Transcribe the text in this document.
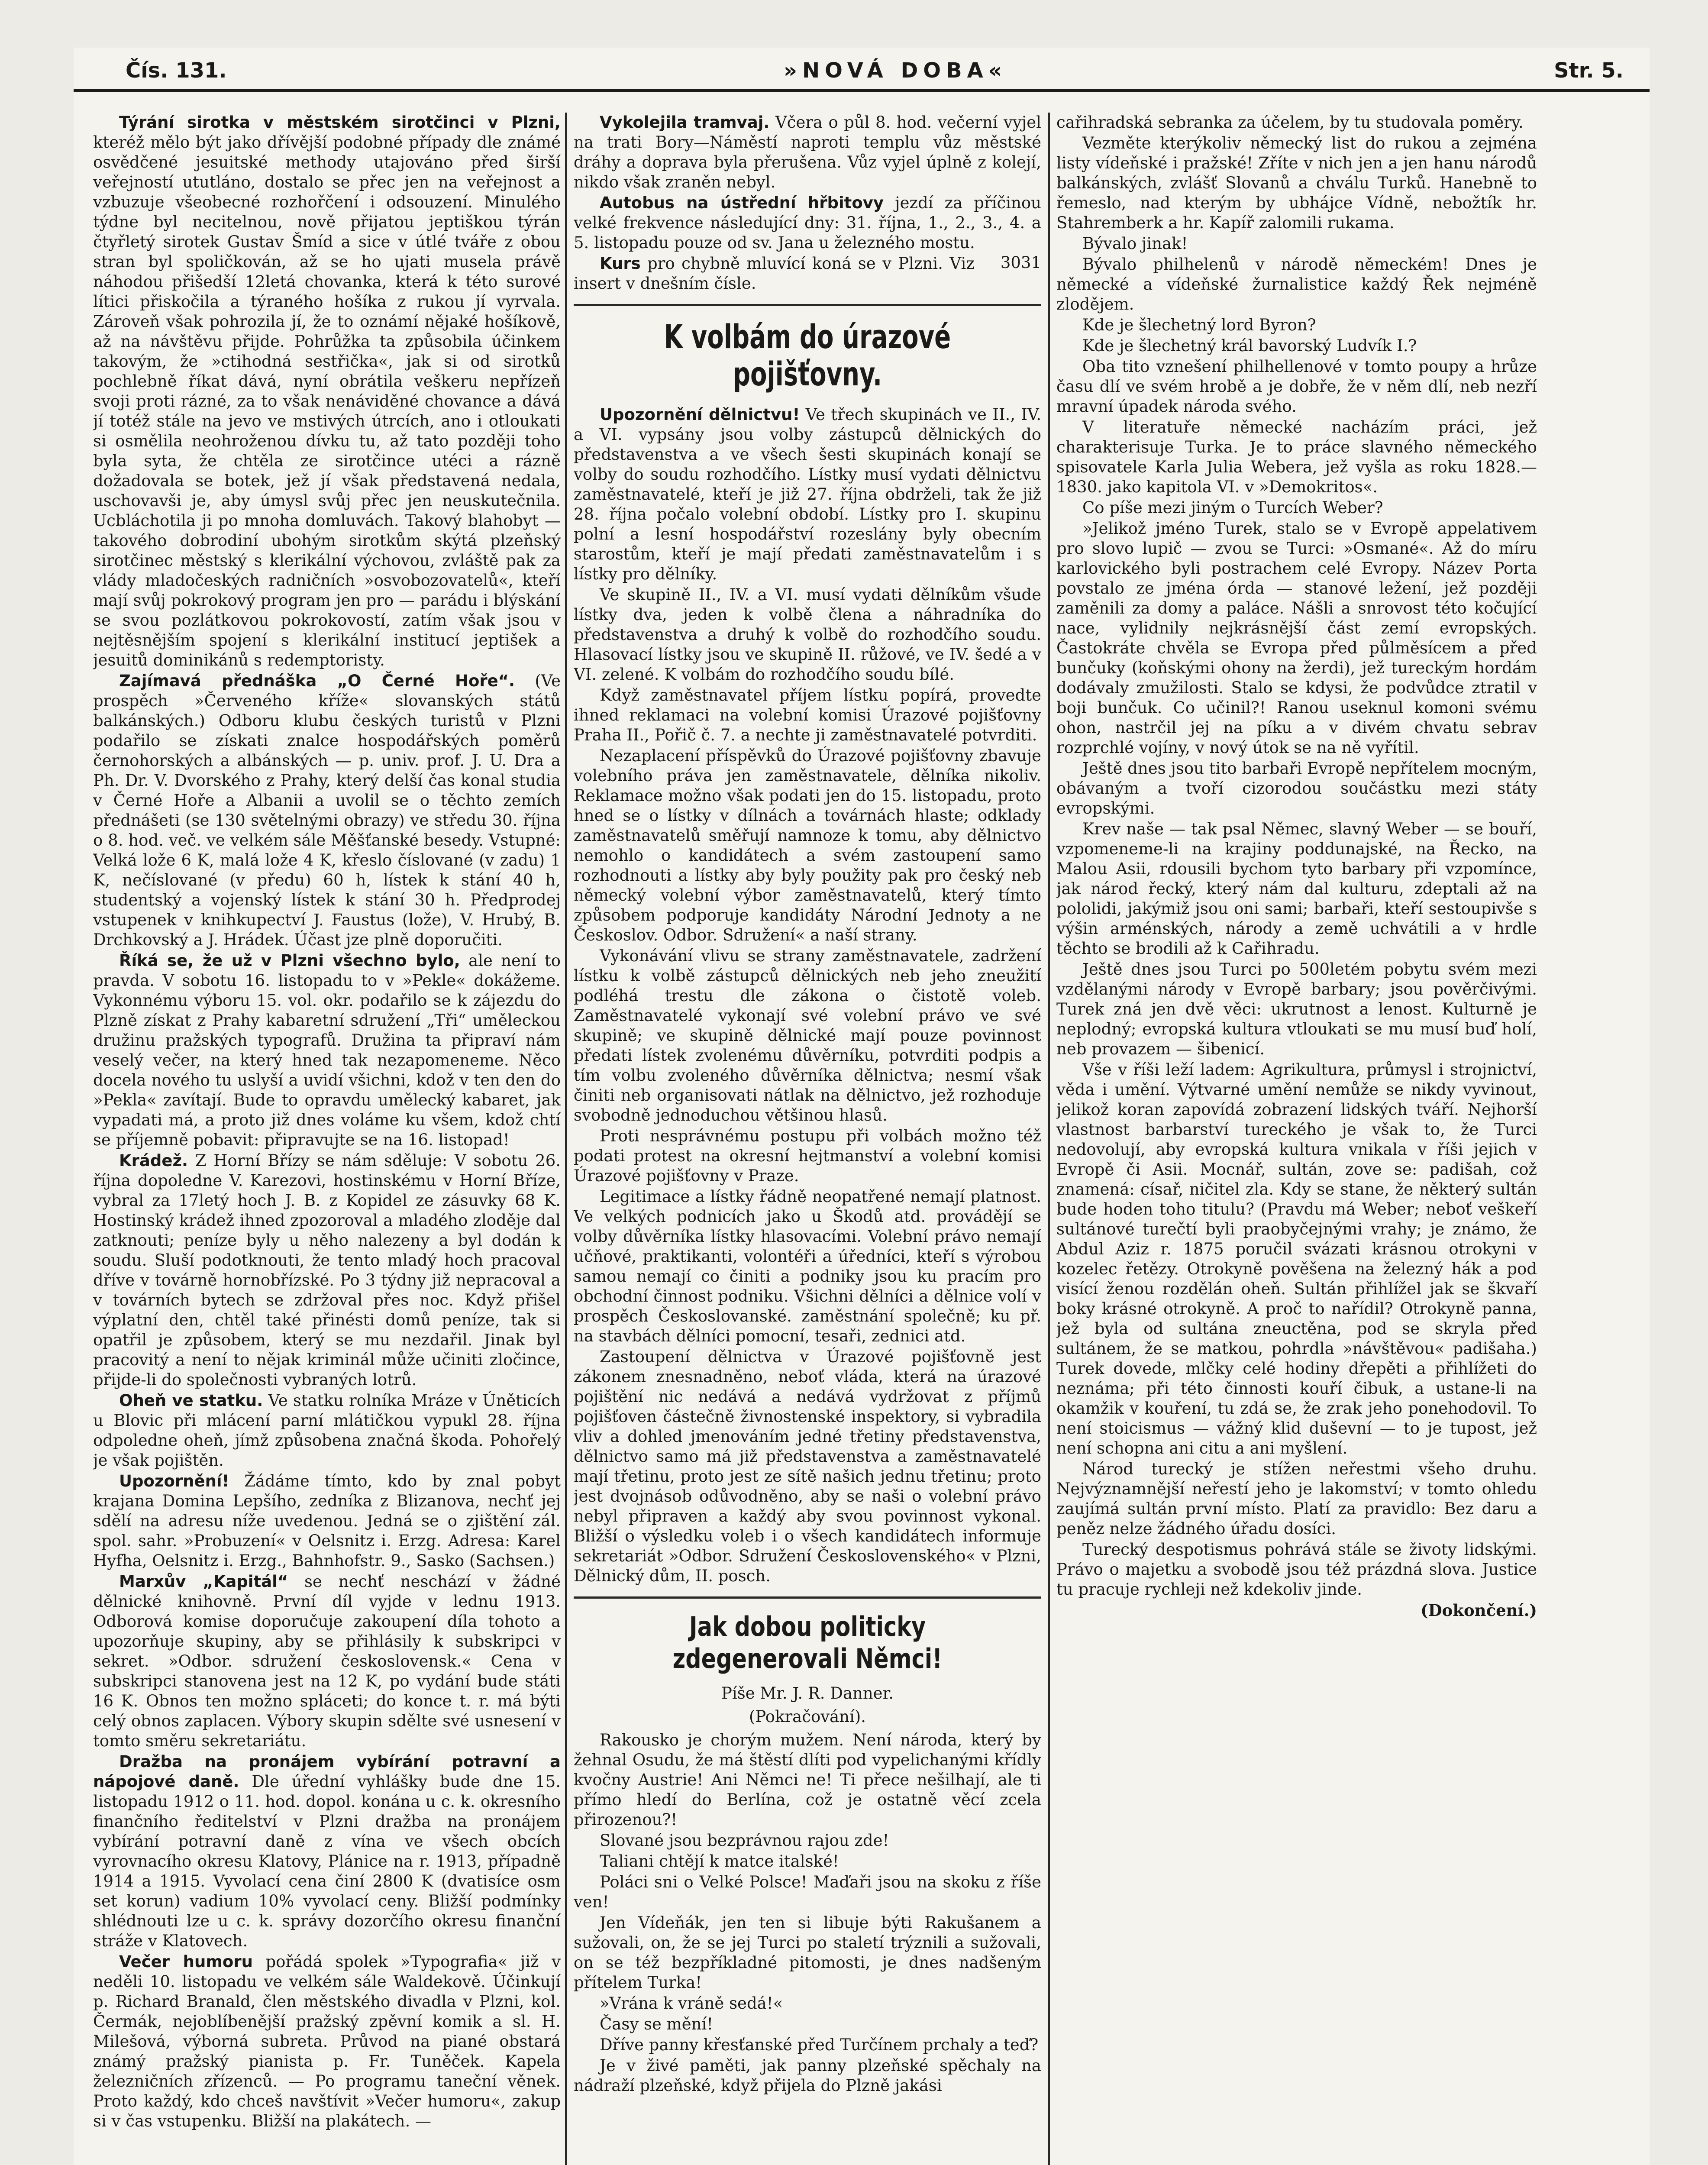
Čís. 131.	»NOVÁ DOBA«	Str. 5.

Týrání sirotka v městském sirotčinci v Plzni, kteréž mělo být jako dřívější podobné případy dle známé osvědčené jesuitské methody utajováno před širší veřejností ututláno, dostalo se přec jen na veřejnost a vzbuzuje všeobecné rozhořčení i odsouzení. Minulého týdne byl necitelnou, nově přijatou jeptiškou týrán čtyřletý sirotek Gustav Šmíd a sice v útlé tváře z obou stran byl spoličkován, až se ho ujati musela právě náhodou přišedší 12letá chovanka, která k této surové lítici přiskočila a týraného hošíka z rukou jí vyrvala. Zároveň však pohrozila jí, že to oznámí nějaké hošíkově, až na návštěvu přijde. Pohrůžka ta způsobila účinkem takovým, že »ctihodná sestřička«, jak si od sirotků pochlebně říkat dává, nyní obrátila veškeru nepřízeň svoji proti rázné, za to však nenáviděné chovance a dává jí totéž stále na jevo ve mstivých útrcích, ano i otloukati si osmělila neohroženou dívku tu, až tato později toho byla syta, že chtěla ze sirotčince utéci a rázně dožadovala se botek, jež jí však představená nedala, uschovavši je, aby úmysl svůj přec jen neuskutečnila. Ucbláchotila ji po mnoha domluvách. Takový blahobyt — takového dobrodiní ubohým sirotkům skýtá plzeňský sirotčinec městský s klerikální výchovou, zvláště pak za vlády mladočeských radničních »osvobozovatelů«, kteří mají svůj pokrokový program jen pro — parádu i blýskání se svou pozlátkovou pokrokovostí, zatím však jsou v nejtěsnějším spojení s klerikální institucí jeptišek a jesuitů dominikánů s redemptoristy.

Zajímavá přednáška „O Černé Hoře“. (Ve prospěch »Červeného kříže« slovanských států balkánských.) Odboru klubu českých turistů v Plzni podařilo se získati znalce hospodářských poměrů černohorských a albánských — p. univ. prof. J. U. Dra a Ph. Dr. V. Dvorského z Prahy, který delší čas konal studia v Černé Hoře a Albanii a uvolil se o těchto zemích přednášeti (se 130 světelnými obrazy) ve středu 30. října o 8. hod. več. ve velkém sále Měšťanské besedy. Vstupné: Velká lože 6 K, malá lože 4 K, křeslo číslované (v zadu) 1 K, nečíslované (v předu) 60 h, lístek k stání 40 h, studentský a vojenský lístek k stání 30 h. Předprodej vstupenek v knihkupectví J. Faustus (lože), V. Hrubý, B. Drchkovský a J. Hrádek. Účast jze plně doporučiti.

Říká se, že už v Plzni všechno bylo, ale není to pravda. V sobotu 16. listopadu to v »Pekle« dokážeme. Vykonnému výboru 15. vol. okr. podařilo se k zájezdu do Plzně získat z Prahy kabaretní sdružení „Tři“ uměleckou družinu pražských typografů. Družina ta připraví nám veselý večer, na který hned tak nezapomeneme. Něco docela nového tu uslyší a uvidí všichni, kdož v ten den do »Pekla« zavítají. Bude to opravdu umělecký kabaret, jak vypadati má, a proto již dnes voláme ku všem, kdož chtí se příjemně pobavit: připravujte se na 16. listopad!

Krádež. Z Horní Břízy se nám sděluje: V sobotu 26. října dopoledne V. Karezovi, hostinskému v Horní Bříze, vybral za 17letý hoch J. B. z Kopidel ze zásuvky 68 K. Hostinský krádež ihned zpozoroval a mladého zloděje dal zatknouti; peníze byly u něho nalezeny a byl dodán k soudu. Sluší podotknouti, že tento mladý hoch pracoval dříve v továrně hornobřízské. Po 3 týdny již nepracoval a v továrních bytech se zdržoval přes noc. Když přišel výplatní den, chtěl také přinésti domů peníze, tak si opatřil je způsobem, který se mu nezdařil. Jinak byl pracovitý a není to nějak kriminál může učiniti zločince, přijde-li do společnosti vybraných lotrů.

Oheň ve statku. Ve statku rolníka Mráze v Úněticích u Blovic při mlácení parní mlátičkou vypukl 28. října odpoledne oheň, jímž způsobena značná škoda. Pohořelý je však pojištěn.

Upozornění! Žádáme tímto, kdo by znal pobyt krajana Domina Lepšího, zedníka z Blizanova, nechť jej sdělí na adresu níže uvedenou. Jedná se o zjištění zál. spol. sahr. »Probuzení« v Oelsnitz i. Erzg. Adresa: Karel Hyfha, Oelsnitz i. Erzg., Bahnhofstr. 9., Sasko (Sachsen.)

Marxův „Kapitál“ se nechť neschází v žádné dělnické knihovně. První díl vyjde v lednu 1913. Odborová komise doporučuje zakoupení díla tohoto a upozorňuje skupiny, aby se přihlásily k subskripci v sekret. »Odbor. sdružení československ.« Cena v subskripci stanovena jest na 12 K, po vydání bude státi 16 K. Obnos ten možno spláceti; do konce t. r. má býti celý obnos zaplacen. Výbory skupin sdělte své usnesení v tomto směru sekretariátu.

Dražba na pronájem vybírání potravní a nápojové daně. Dle úřední vyhlášky bude dne 15. listopadu 1912 o 11. hod. dopol. konána u c. k. okresního finančního ředitelství v Plzni dražba na pronájem vybírání potravní daně z vína ve všech obcích vyrovnacího okresu Klatovy, Plánice na r. 1913, případně 1914 a 1915. Vyvolací cena činí 2800 K (dvatisíce osm set korun) vadium 10% vyvolací ceny. Bližší podmínky shlédnouti lze u c. k. správy dozorčího okresu finanční stráže v Klatovech.

Večer humoru pořádá spolek »Typografia« již v neděli 10. listopadu ve velkém sále Waldekově. Účinkují p. Richard Branald, člen městského divadla v Plzni, kol. Čermák, nejoblíbenější pražský zpěvní komik a sl. H. Milešová, výborná subreta. Průvod na piané obstará známý pražský pianista p. Fr. Tuněček. Kapela železničních zřízenců. — Po programu taneční věnek. Proto každý, kdo chceš navštívit »Večer humoru«, zakup si v čas vstupenku. Bližší na plakátech. —

Vykolejila tramvaj. Včera o půl 8. hod. večerní vyjel na trati Bory—Náměstí naproti templu vůz městské dráhy a doprava byla přerušena. Vůz vyjel úplně z kolejí, nikdo však zraněn nebyl.

Autobus na ústřední hřbitovy jezdí za příčinou velké frekvence následující dny: 31. října, 1., 2., 3., 4. a 5. listopadu pouze od sv. Jana u železného mostu.
3031

Kurs pro chybně mluvící koná se v Plzni. Viz insert v dnešním čísle.

K volbám do úrazové pojišťovny.

Upozornění dělnictvu! Ve třech skupinách ve II., IV. a VI. vypsány jsou volby zástupců dělnických do představenstva a ve všech šesti skupinách konají se volby do soudu rozhodčího. Lístky musí vydati dělnictvu zaměstnavatelé, kteří je již 27. října obdrželi, tak že již 28. října počalo volební období. Lístky pro I. skupinu polní a lesní hospodářství rozeslány byly obecním starostům, kteří je mají předati zaměstnavatelům i s lístky pro dělníky.

Ve skupině II., IV. a VI. musí vydati dělníkům všude lístky dva, jeden k volbě člena a náhradníka do představenstva a druhý k volbě do rozhodčího soudu. Hlasovací lístky jsou ve skupině II. růžové, ve IV. šedé a v VI. zelené. K volbám do rozhodčího soudu bílé.

Když zaměstnavatel příjem lístku popírá, provedte ihned reklamaci na volební komisi Úrazové pojišťovny Praha II., Pořič č. 7. a nechte ji zaměstnavatelé potvrditi.

Nezaplacení příspěvků do Úrazové pojišťovny zbavuje volebního práva jen zaměstnavatele, dělníka nikoliv. Reklamace možno však podati jen do 15. listopadu, proto hned se o lístky v dílnách a továrnách hlaste; odklady zaměstnavatelů směřují namnoze k tomu, aby dělnictvo nemohlo o kandidátech a svém zastoupení samo rozhodnouti a lístky aby byly použity pak pro český neb německý volební výbor zaměstnavatelů, který tímto způsobem podporuje kandidáty Národní Jednoty a ne Českoslov. Odbor. Sdružení« a naší strany.

Vykonávání vlivu se strany zaměstnavatele, zadržení lístku k volbě zástupců dělnických neb jeho zneužití podléhá trestu dle zákona o čistotě voleb. Zaměstnavatelé vykonají své volební právo ve své skupině; ve skupině dělnické mají pouze povinnost předati lístek zvolenému důvěrníku, potvrditi podpis a tím volbu zvoleného důvěrníka dělnictva; nesmí však činiti neb organisovati nátlak na dělnictvo, jež rozhoduje svobodně jednoduchou většinou hlasů.

Proti nesprávnému postupu při volbách možno též podati protest na okresní hejtmanství a volební komisi Úrazové pojišťovny v Praze.

Legitimace a lístky řádně neopatřené nemají platnost. Ve velkých podnicích jako u Škodů atd. provádějí se volby důvěrníka lístky hlasovacími. Volební právo nemají učňové, praktikanti, volontéři a úředníci, kteří s výrobou samou nemají co činiti a podniky jsou ku pracím pro obchodní činnost podniku. Všichni dělníci a dělnice volí v prospěch Českoslovanské. zaměstnání společně; ku př. na stavbách dělníci pomocní, tesaři, zednici atd.

Zastoupení dělnictva v Úrazové pojišťovně jest zákonem znesnadněno, neboť vláda, která na úrazové pojištění nic nedává a nedává vydržovat z příjmů pojišťoven částečně živnostenské inspektory, si vybradila vliv a dohled jmenováním jedné třetiny představenstva, dělnictvo samo má již představenstva a zaměstnavatelé mají třetinu, proto jest ze sítě našich jednu třetinu; proto jest dvojnásob odůvodněno, aby se naši o volební právo nebyl připraven a každý aby svou povinnost vykonal. Bližší o výsledku voleb i o všech kandidátech informuje sekretariát »Odbor. Sdružení Československého« v Plzni, Dělnický dům, II. posch.

Jak dobou politicky zdegenerovali Němci!
Píše Mr. J. R. Danner.
(Pokračování).

Rakousko je chorým mužem. Není národa, který by žehnal Osudu, že má štěstí dlíti pod vypelichanými křídly kvočny Austrie! Ani Němci ne! Ti přece nešilhají, ale ti přímo hledí do Berlína, což je ostatně věcí zcela přirozenou?!

Slované jsou bezprávnou rajou zde!

Taliani chtějí k matce italské!

Poláci sni o Velké Polsce! Maďaři jsou na skoku z říše ven!

Jen Vídeňák, jen ten si libuje býti Rakušanem a sužovali, on, že se jej Turci po staletí trýznili a sužovali, on se též bezpříkladné pitomosti, je dnes nadšeným přítelem Turka!

»Vrána k vráně sedá!«

Časy se mění!

Dříve panny křesťanské před Turčínem prchaly a teď?

Je v živé paměti, jak panny plzeňské spěchaly na nádraží plzeňské, když přijela do Plzně jakási

cařihradská sebranka za účelem, by tu studovala poměry.

Vezměte kterýkoliv německý list do rukou a zejména listy vídeňské i pražské! Zříte v nich jen a jen hanu národů balkánských, zvlášť Slovanů a chválu Turků. Hanebně to řemeslo, nad kterým by ubhájce Vídně, nebožtík hr. Stahremberk a hr. Kapíř zalomili rukama.

Bývalo jinak!

Bývalo philhelenů v národě německém! Dnes je německé a vídeňské žurnalistice každý Řek nejméně zlodějem.

Kde je šlechetný lord Byron?

Kde je šlechetný král bavorský Ludvík I.?

Oba tito vznešení philhellenové v tomto poupy a hrůze času dlí ve svém hrobě a je dobře, že v něm dlí, neb nezří mravní úpadek národa svého.

V literatuře německé nacházím práci, jež charakterisuje Turka. Je to práce slavného německého spisovatele Karla Julia Webera, jež vyšla as roku 1828.—1830. jako kapitola VI. v »Demokritos«.

Co píše mezi jiným o Turcích Weber?

»Jelikož jméno Turek, stalo se v Evropě appelativem pro slovo lupič — zvou se Turci: »Osmané«. Až do míru karlovického byli postrachem celé Evropy. Název Porta povstalo ze jména órda — stanové ležení, jež později zaměnili za domy a paláce. Nášli a snrovost této kočující nace, vylidnily nejkrásnější část zemí evropských. Častokráte chvěla se Evropa před půlměsícem a před bunčuky (koňskými ohony na žerdi), jež tureckým hordám dodávaly zmužilosti. Stalo se kdysi, že podvůdce ztratil v boji bunčuk. Co učinil?! Ranou useknul komoni svému ohon, nastrčil jej na píku a v divém chvatu sebrav rozprchlé vojíny, v nový útok se na ně vyřítil.

Ještě dnes jsou tito barbaři Evropě nepřítelem mocným, obávaným a tvoří cizorodou součástku mezi státy evropskými.

Krev naše — tak psal Němec, slavný Weber — se bouří, vzpomeneme-li na krajiny poddunajské, na Řecko, na Malou Asii, rdousili bychom tyto barbary při vzpomínce, jak národ řecký, který nám dal kulturu, zdeptali až na pololidi, jakýmiž jsou oni sami; barbaři, kteří sestoupivše s výšin arménských, národy a země uchvátili a v hrdle těchto se brodili až k Cařihradu.

Ještě dnes jsou Turci po 500letém pobytu svém mezi vzdělanými národy v Evropě barbary; jsou pověrčivými. Turek zná jen dvě věci: ukrutnost a lenost. Kulturně je neplodný; evropská kultura vtloukati se mu musí buď holí, neb provazem — šibenicí.

Vše v říši leží ladem: Agrikultura, průmysl i strojnictví, věda i umění. Výtvarné umění nemůže se nikdy vyvinout, jelikož koran zapovídá zobrazení lidských tváří. Nejhorší vlastnost barbarství tureckého je však to, že Turci nedovolují, aby evropská kultura vnikala v říši jejich v Evropě či Asii. Mocnář, sultán, zove se: padišah, což znamená: císař, ničitel zla. Kdy se stane, že některý sultán bude hoden toho titulu? (Pravdu má Weber; neboť veškeří sultánové turečtí byli praobyčejnými vrahy; je známo, že Abdul Aziz r. 1875 poručil svázati krásnou otrokyni v kozelec řetězy. Otrokyně pověšena na železný hák a pod visící ženou rozdělán oheň. Sultán přihlížel jak se škvaří boky krásné otrokyně. A proč to nařídil? Otrokyně panna, jež byla od sultána zneuctěna, pod se skryla před sultánem, že se matkou, pohrdla »návštěvou« padišaha.) Turek dovede, mlčky celé hodiny dřepěti a přihlížeti do neznáma; při této činnosti kouří čibuk, a ustane-li na okamžik v kouření, tu zdá se, že zrak jeho ponehodovil. To není stoicismus — vážný klid duševní — to je tupost, jež není schopna ani citu a ani myšlení.

Národ turecký je stížen neřestmi všeho druhu. Nejvýznamnější neřestí jeho je lakomství; v tomto ohledu zaujímá sultán první místo. Platí za pravidlo: Bez daru a peněz nelze žádného úřadu dosíci.

Turecký despotismus pohrává stále se životy lidskými. Právo o majetku a svobodě jsou též prázdná slova. Justice tu pracuje rychleji než kdekoliv jinde.

(Dokončení.)
